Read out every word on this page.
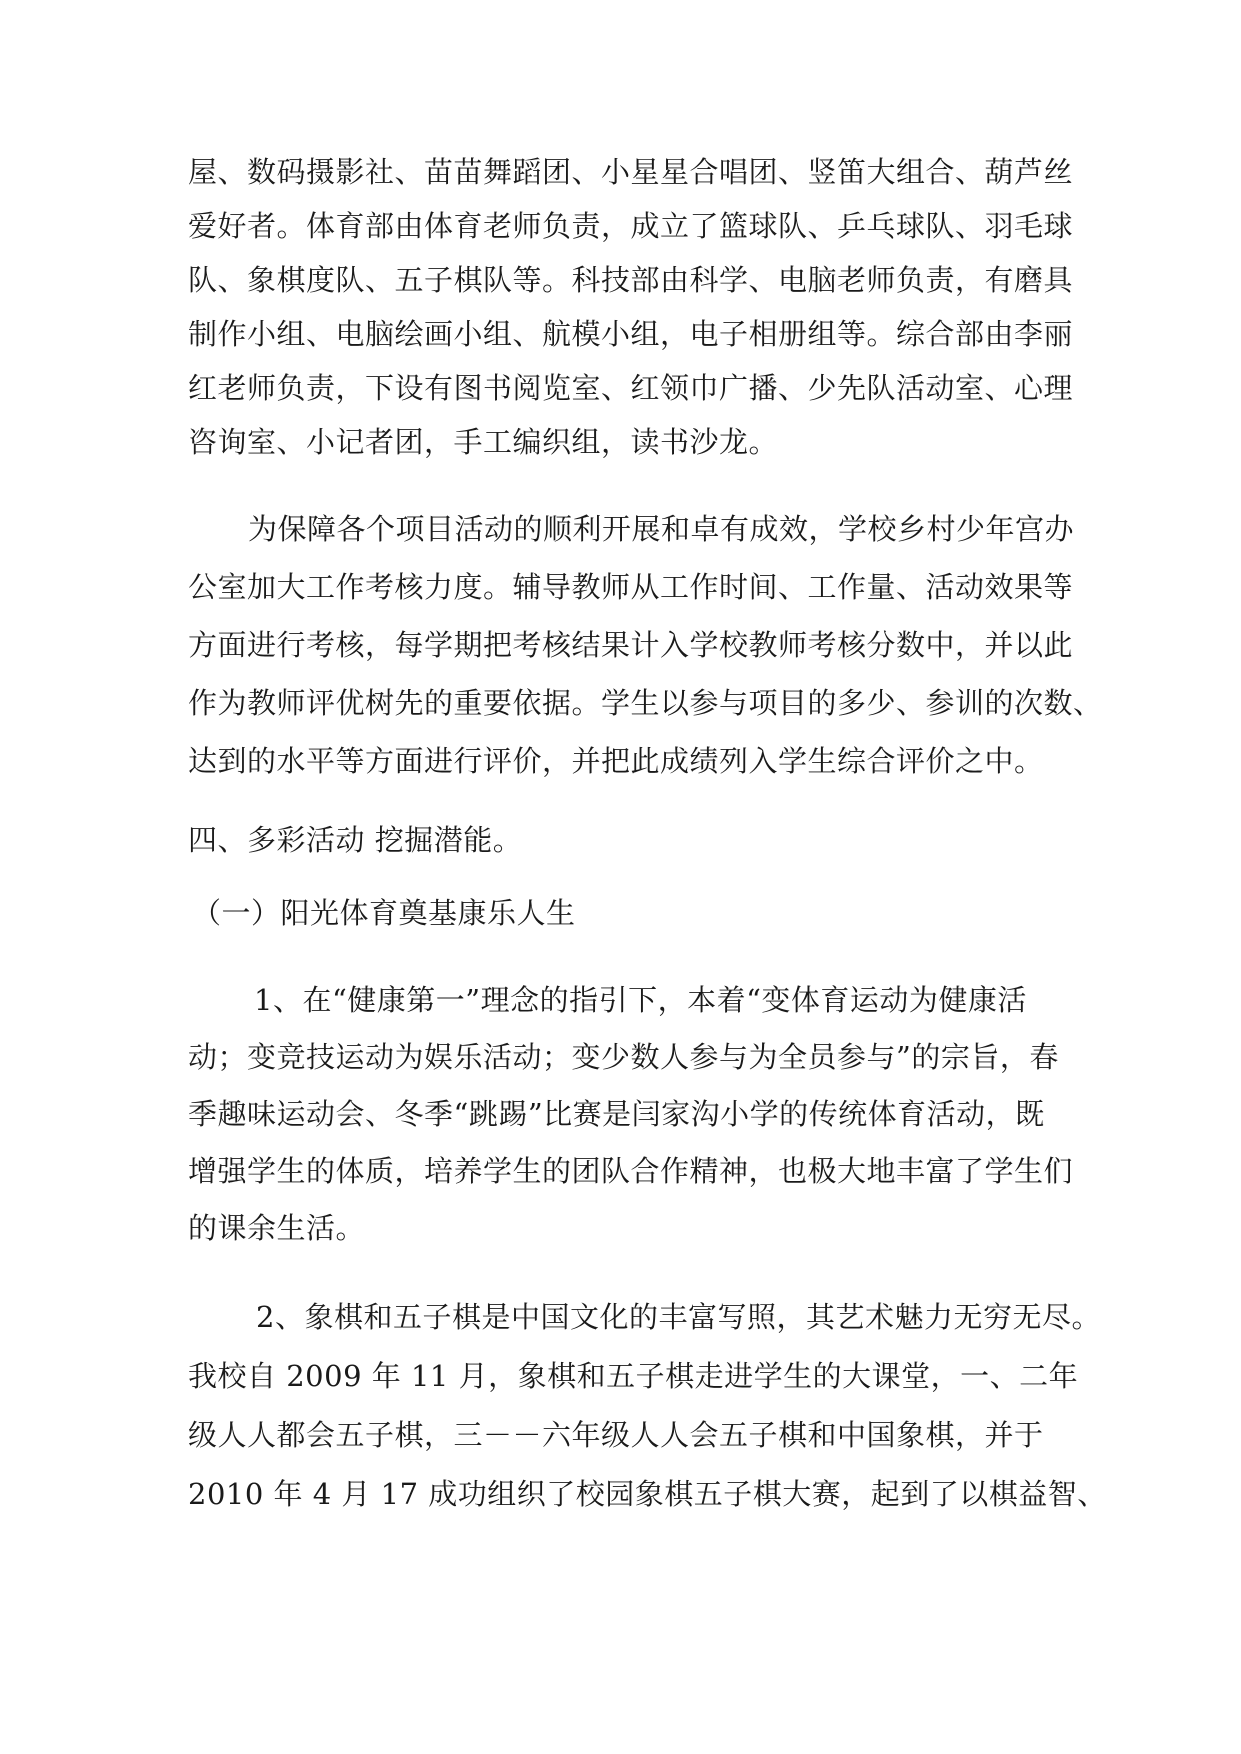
屋、数码摄影社、苗苗舞蹈团、小星星合唱团、竖笛大组合、葫芦丝
爱好者。体育部由体育老师负责，成立了篮球队、乒乓球队、羽毛球
队、象棋度队、五子棋队等。科技部由科学、电脑老师负责，有磨具
制作小组、电脑绘画小组、航模小组，电子相册组等。综合部由李丽
红老师负责，下设有图书阅览室、红领巾广播、少先队活动室、心理
咨询室、小记者团，手工编织组，读书沙龙。
为保障各个项目活动的顺利开展和卓有成效，学校乡村少年宫办
公室加大工作考核力度。辅导教师从工作时间、工作量、活动效果等
方面进行考核，每学期把考核结果计入学校教师考核分数中，并以此
作为教师评优树先的重要依据。学生以参与项目的多少、参训的次数、
达到的水平等方面进行评价，并把此成绩列入学生综合评价之中。
四、多彩活动 挖掘潜能。
（一）阳光体育奠基康乐人生
1、在“健康第一”理念的指引下，本着“变体育运动为健康活
动；变竞技运动为娱乐活动；变少数人参与为全员参与”的宗旨，春
季趣味运动会、冬季“跳踢”比赛是闫家沟小学的传统体育活动，既
增强学生的体质，培养学生的团队合作精神，也极大地丰富了学生们
的课余生活。
2、象棋和五子棋是中国文化的丰富写照，其艺术魅力无穷无尽。
我校自 2009 年 11 月，象棋和五子棋走进学生的大课堂，一、二年
级人人都会五子棋，三－－六年级人人会五子棋和中国象棋，并于
2010 年 4 月 17 成功组织了校园象棋五子棋大赛，起到了以棋益智、
